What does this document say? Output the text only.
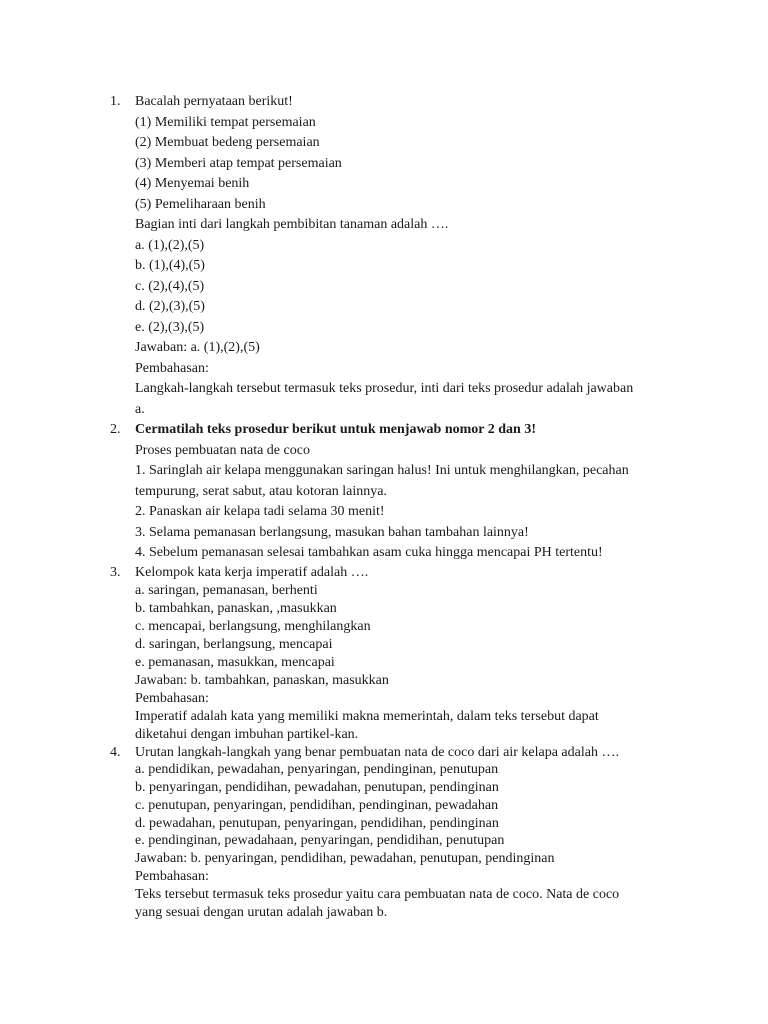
1. Bacalah pernyataan berikut!
(1) Memiliki tempat persemaian
(2) Membuat bedeng persemaian
(3) Memberi atap tempat persemaian
(4) Menyemai benih
(5) Pemeliharaan benih
Bagian inti dari langkah pembibitan tanaman adalah ….
a. (1),(2),(5)
b. (1),(4),(5)
c. (2),(4),(5)
d. (2),(3),(5)
e. (2),(3),(5)
Jawaban: a. (1),(2),(5)
Pembahasan:
Langkah-langkah tersebut termasuk teks prosedur, inti dari teks prosedur adalah jawaban
a.
2. Cermatilah teks prosedur berikut untuk menjawab nomor 2 dan 3!
Proses pembuatan nata de coco
1. Saringlah air kelapa menggunakan saringan halus! Ini untuk menghilangkan, pecahan
tempurung, serat sabut, atau kotoran lainnya.
2. Panaskan air kelapa tadi selama 30 menit!
3. Selama pemanasan berlangsung, masukan bahan tambahan lainnya!
4. Sebelum pemanasan selesai tambahkan asam cuka hingga mencapai PH tertentu!
3. Kelompok kata kerja imperatif adalah ….
a. saringan, pemanasan, berhenti
b. tambahkan, panaskan, ,masukkan
c. mencapai, berlangsung, menghilangkan
d. saringan, berlangsung, mencapai
e. pemanasan, masukkan, mencapai
Jawaban: b. tambahkan, panaskan, masukkan
Pembahasan:
Imperatif adalah kata yang memiliki makna memerintah, dalam teks tersebut dapat
diketahui dengan imbuhan partikel-kan.
4. Urutan langkah-langkah yang benar pembuatan nata de coco dari air kelapa adalah ….
a. pendidikan, pewadahan, penyaringan, pendinginan, penutupan
b. penyaringan, pendidihan, pewadahan, penutupan, pendinginan
c. penutupan, penyaringan, pendidihan, pendinginan, pewadahan
d. pewadahan, penutupan, penyaringan, pendidihan, pendinginan
e. pendinginan, pewadahaan, penyaringan, pendidihan, penutupan
Jawaban: b. penyaringan, pendidihan, pewadahan, penutupan, pendinginan
Pembahasan:
Teks tersebut termasuk teks prosedur yaitu cara pembuatan nata de coco. Nata de coco
yang sesuai dengan urutan adalah jawaban b.
